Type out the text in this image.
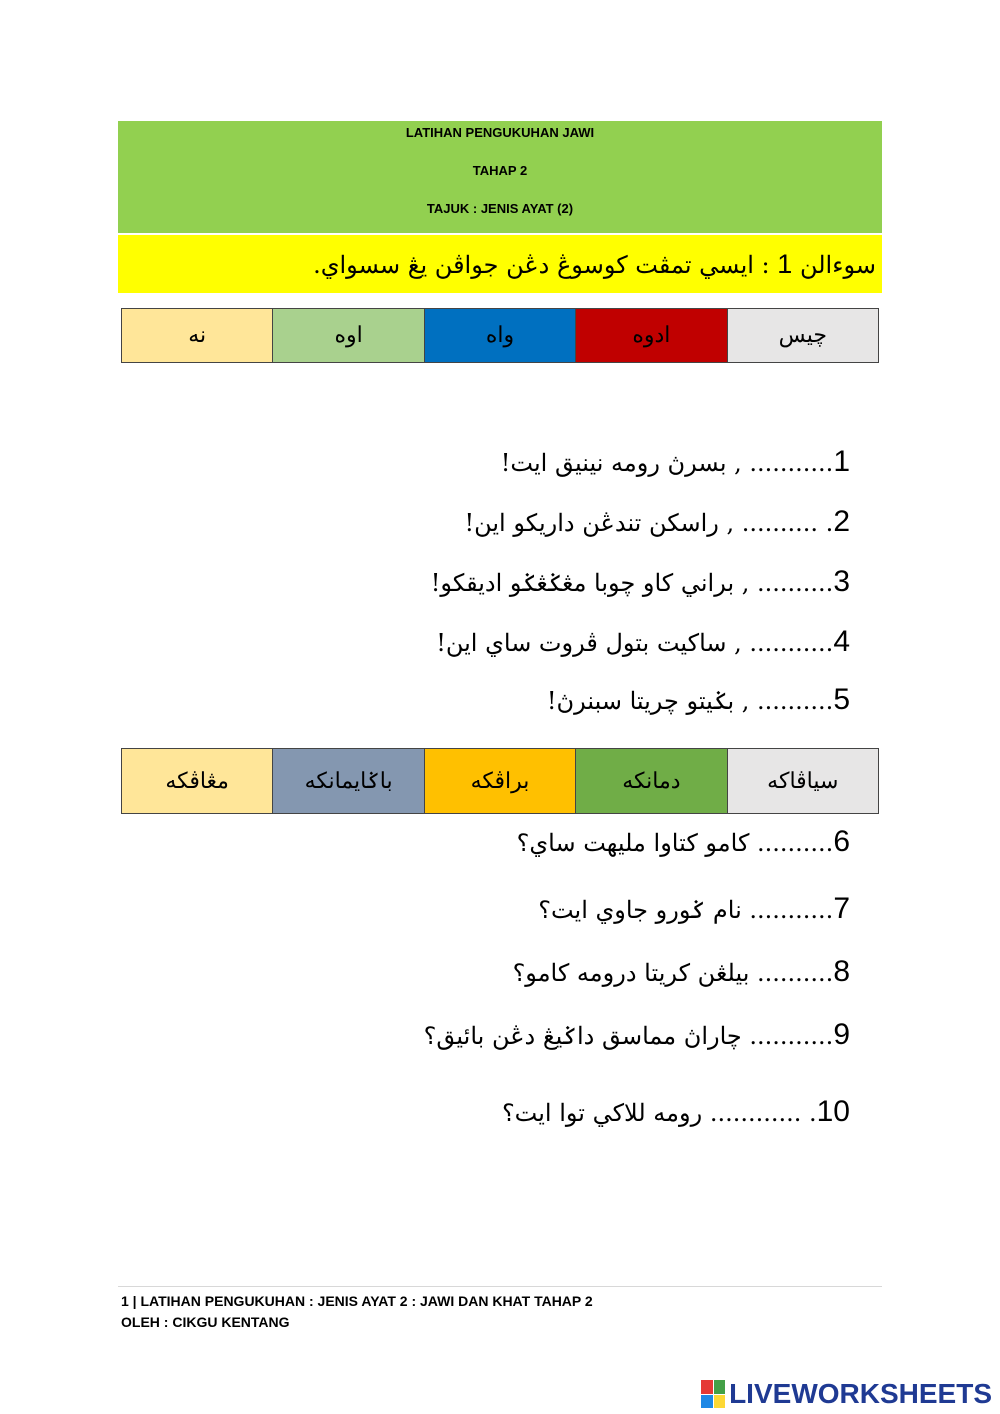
LATIHAN PENGUKUHAN JAWI
TAHAP 2
TAJUK : JENIS AYAT (2)
سوءالن 1 : ايسي تمڤت كوسوڠ دڠن جواڤن يڠ سسواي.
چيس
ادوه
واه
اوه
نه
1........... , بسرڽ رومه نينيق ايت!
2. .......... , راسكن تندڠن داريكو اين!
3.......... , براني كاو چوبا مڠݢڠݢو اديقكو!
4........... , ساكيت بتول ڤروت ساي اين!
5.......... , بݢيتو چريتا سبنرڽ!
6.......... كامو كتاوا مليهت ساي؟
7........... نام ݢورو جاوي ايت؟
8.......... بيلڠن كريتا درومه كامو؟
9........... چاراڽ مماسق داݢيڠ دڠن بائيق؟
10. ............ رومه للاكي توا ايت؟
سياڤاكه
دمانكه
براڤكه
باݢايمانكه
مڠاڤكه
1 | LATIHAN PENGUKUHAN : JENIS AYAT 2 : JAWI DAN KHAT TAHAP 2
OLEH : CIKGU KENTANG
LIVEWORKSHEETS
